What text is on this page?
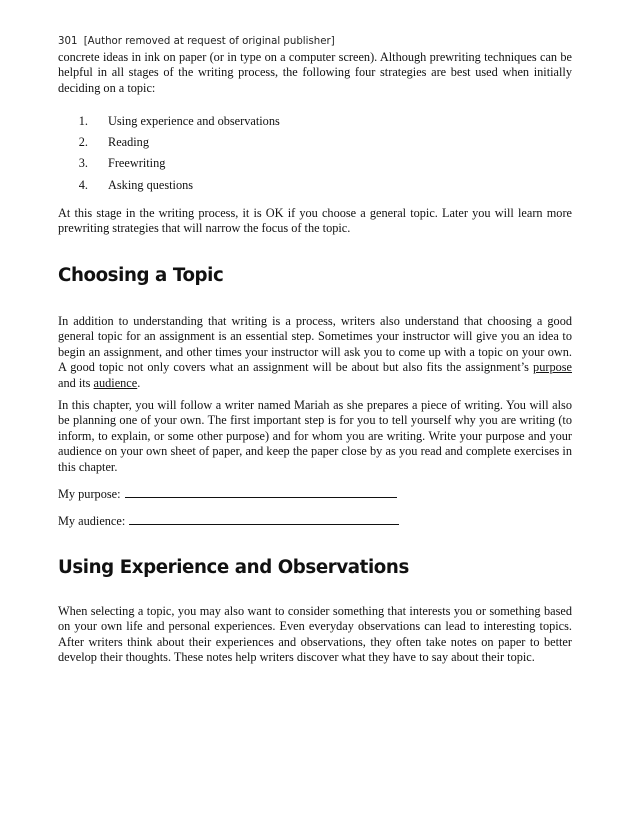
301 [Author removed at request of original publisher]
concrete ideas in ink on paper (or in type on a computer screen). Although prewriting techniques can be helpful in all stages of the writing process, the following four strategies are best used when initially deciding on a topic:
1. Using experience and observations
2. Reading
3. Freewriting
4. Asking questions
At this stage in the writing process, it is OK if you choose a general topic. Later you will learn more prewriting strategies that will narrow the focus of the topic.
Choosing a Topic
In addition to understanding that writing is a process, writers also understand that choosing a good general topic for an assignment is an essential step. Sometimes your instructor will give you an idea to begin an assignment, and other times your instructor will ask you to come up with a topic on your own. A good topic not only covers what an assignment will be about but also fits the assignment’s purpose and its audience.
In this chapter, you will follow a writer named Mariah as she prepares a piece of writing. You will also be planning one of your own. The first important step is for you to tell yourself why you are writing (to inform, to explain, or some other purpose) and for whom you are writing. Write your purpose and your audience on your own sheet of paper, and keep the paper close by as you read and complete exercises in this chapter.
My purpose:
My audience:
Using Experience and Observations
When selecting a topic, you may also want to consider something that interests you or something based on your own life and personal experiences. Even everyday observations can lead to interesting topics. After writers think about their experiences and observations, they often take notes on paper to better develop their thoughts. These notes help writers discover what they have to say about their topic.
